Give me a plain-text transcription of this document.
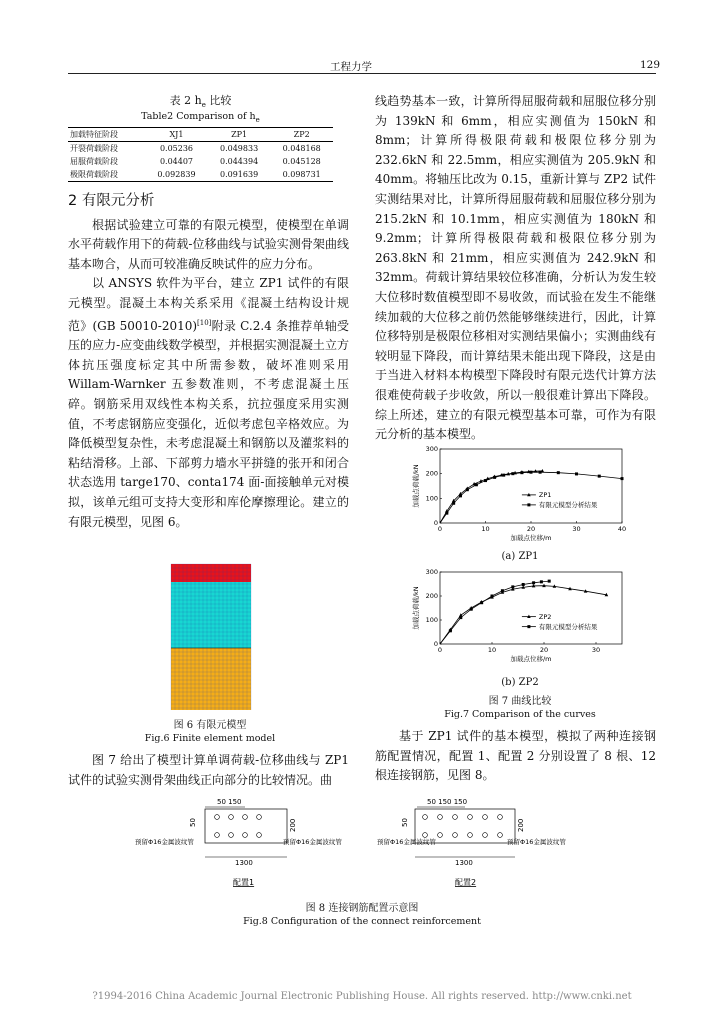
工程力学	129
表 2 $h_e$ 比较
Table2 Comparison of $h_e$
加载特征阶段	XJ1	ZP1	ZP2
开裂荷载阶段	0.05236	0.049833	0.048168
屈服荷载阶段	0.04407	0.044394	0.045128
极限荷载阶段	0.092839	0.091639	0.098731
2 有限元分析

根据试验建立可靠的有限元模型，使模型在单调水平荷载作用下的荷载-位移曲线与试验实测骨架曲线基本吻合，从而可较准确反映试件的应力分布。

以 ANSYS 软件为平台，建立 ZP1 试件的有限元模型。混凝土本构关系采用《混凝土结构设计规范》(GB 50010-2010)[10]附录 C.2.4 条推荐单轴受压的应力-应变曲线数学模型，并根据实测混凝土立方体抗压强度标定其中所需参数，破坏准则采用 Willam-Warnker 五参数准则，不考虑混凝土压碎。钢筋采用双线性本构关系，抗拉强度采用实测值，不考虑钢筋应变强化，近似考虑包辛格效应。为降低模型复杂性，未考虑混凝土和钢筋以及灌浆料的粘结滑移。上部、下部剪力墙水平拼缝的张开和闭合状态选用 targe170、conta174 面-面接触单元对模拟，该单元组可支持大变形和库伦摩擦理论。建立的有限元模型，见图 6。

图 6 有限元模型
Fig.6 Finite element model

图 7 给出了模型计算单调荷载-位移曲线与 ZP1 试件的试验实测骨架曲线正向部分的比较情况。曲

线趋势基本一致，计算所得屈服荷载和屈服位移分别为 139kN 和 6mm，相应实测值为 150kN 和 8mm；计算所得极限荷载和极限位移分别为 232.6kN 和 22.5mm，相应实测值为 205.9kN 和 40mm。将轴压比改为 0.15，重新计算与 ZP2 试件实测结果对比，计算所得屈服荷载和屈服位移分别为 215.2kN 和 10.1mm，相应实测值为 180kN 和 9.2mm；计算所得极限荷载和极限位移分别为 263.8kN 和 21mm，相应实测值为 242.9kN 和 32mm。荷载计算结果较位移准确，分析认为发生较大位移时数值模型即不易收敛，而试验在发生不能继续加载的大位移之前仍然能够继续进行，因此，计算位移特别是极限位移相对实测结果偏小；实测曲线有较明显下降段，而计算结果未能出现下降段，这是由于当进入材料本构模型下降段时有限元迭代计算方法很难使荷载子步收敛，所以一般很难计算出下降段。综上所述，建立的有限元模型基本可靠，可作为有限元分析的基本模型。

0	10	20	30	40
0
100
200
300
加载点荷载/kN
加载点位移/m
ZP1
有限元模型分析结果
(a) ZP1
0	10	20	30
0
100
200
300
加载点荷载/kN
加载点位移/m
ZP2
有限元模型分析结果
(b) ZP2
图 7 曲线比较
Fig.7 Comparison of the curves

基于 ZP1 试件的基本模型，模拟了两种连接钢筋配置情况，配置 1、配置 2 分别设置了 8 根、12 根连接钢筋，见图 8。

50 150
50	200
1300
预留Φ16金属波纹管	预留Φ16金属波纹管
配置1
50 150 150
50	200
1300
预留Φ16金属波纹管	预留Φ16金属波纹管
配置2
图 8 连接钢筋配置示意图
Fig.8 Configuration of the connect reinforcement
?1994-2016 China Academic Journal Electronic Publishing House. All rights reserved. http://www.cnki.net
